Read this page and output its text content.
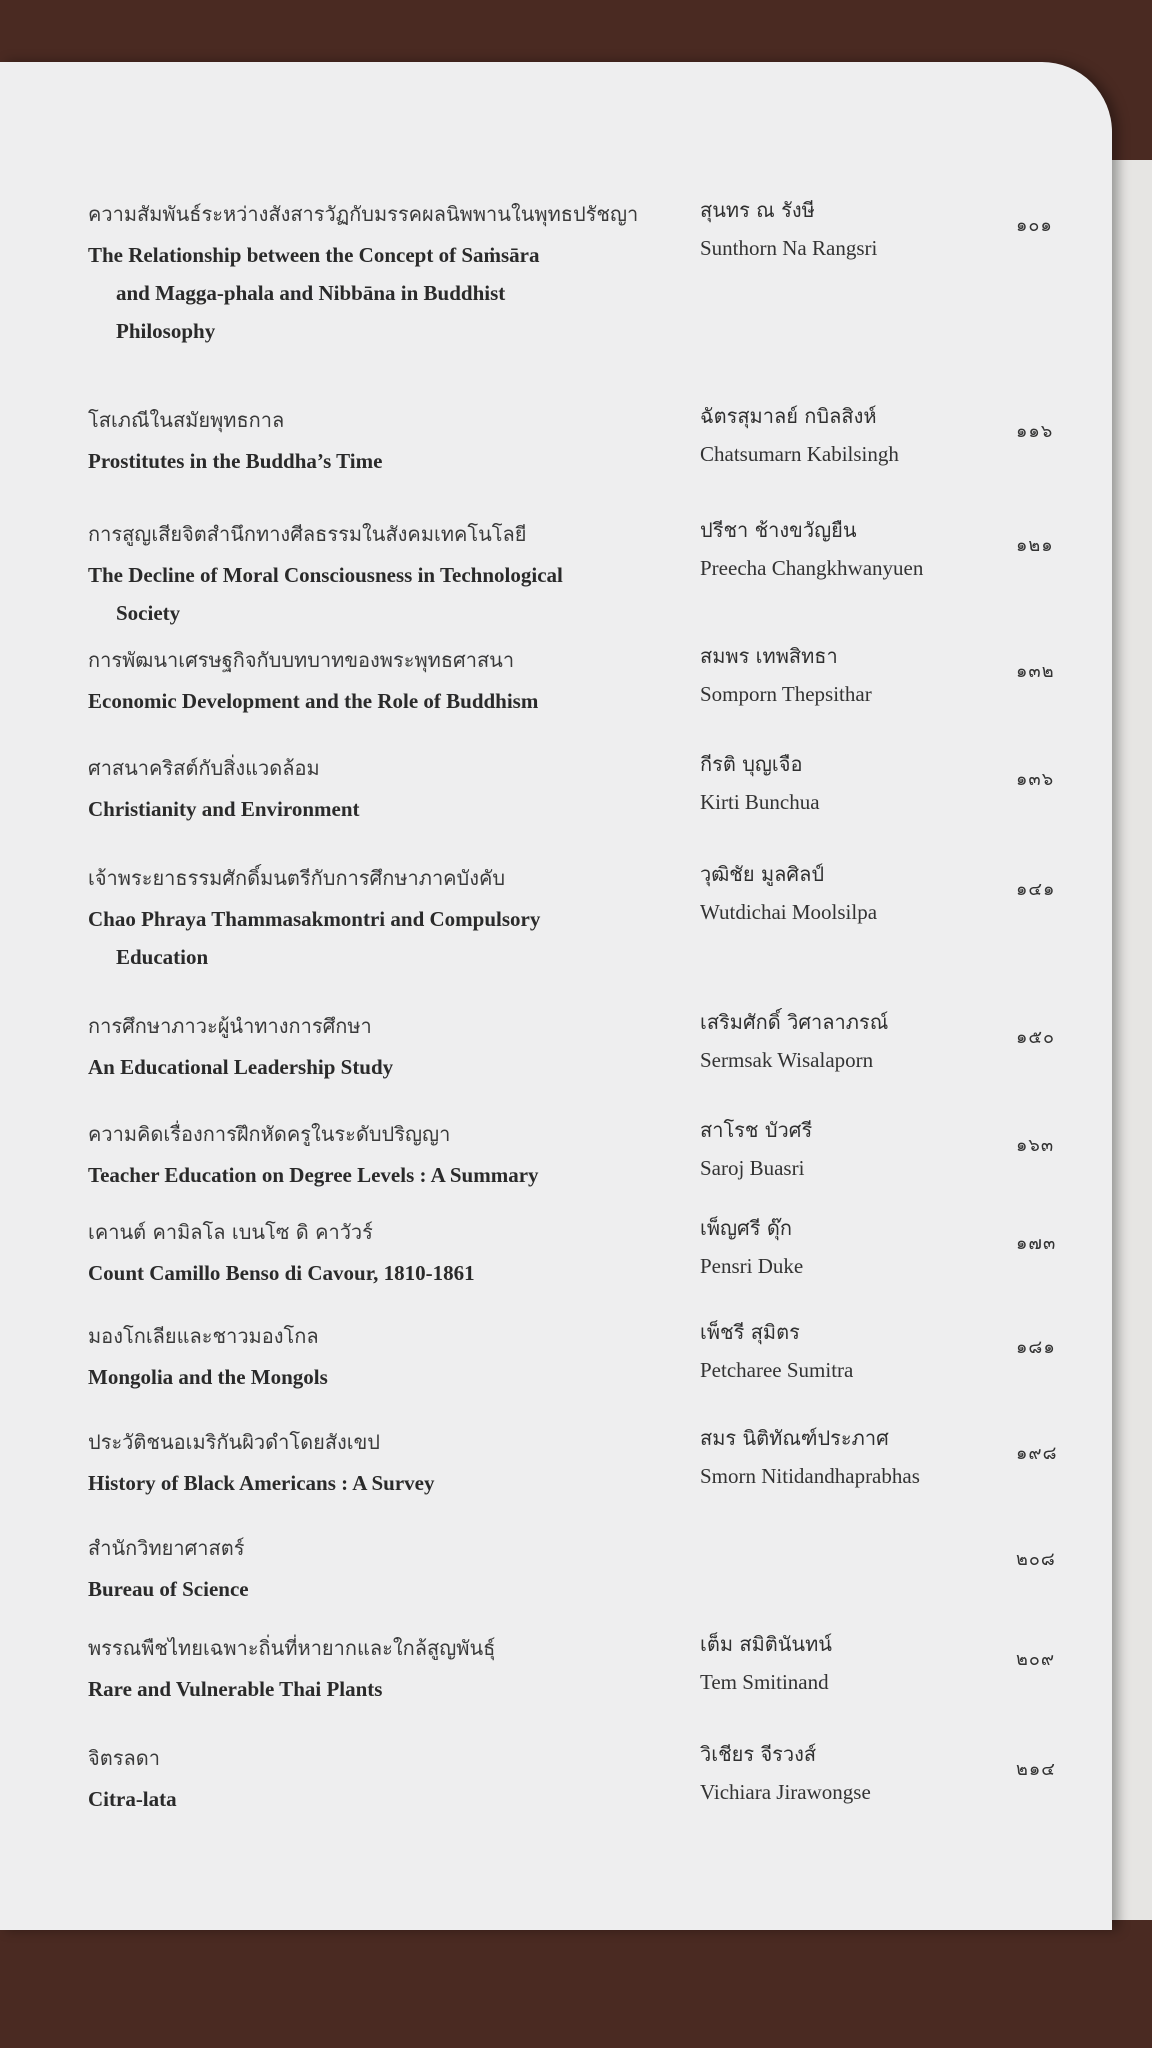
ความสัมพันธ์ระหว่างสังสารวัฏกับมรรคผลนิพพานในพุทธปรัชญา
The Relationship between the Concept of Saṁsāra
and Magga-phala and Nibbāna in Buddhist
Philosophy
สุนทร ณ รังษี
Sunthorn Na Rangsri
๑๐๑
โสเภณีในสมัยพุทธกาล
Prostitutes in the Buddha’s Time
ฉัตรสุมาลย์ กบิลสิงห์
Chatsumarn Kabilsingh
๑๑๖
การสูญเสียจิตสำนึกทางศีลธรรมในสังคมเทคโนโลยี
The Decline of Moral Consciousness in Technological
Society
ปรีชา ช้างขวัญยืน
Preecha Changkhwanyuen
๑๒๑
การพัฒนาเศรษฐกิจกับบทบาทของพระพุทธศาสนา
Economic Development and the Role of Buddhism
สมพร เทพสิทธา
Somporn Thepsithar
๑๓๒
ศาสนาคริสต์กับสิ่งแวดล้อม
Christianity and Environment
กีรติ บุญเจือ
Kirti Bunchua
๑๓๖
เจ้าพระยาธรรมศักดิ์มนตรีกับการศึกษาภาคบังคับ
Chao Phraya Thammasakmontri and Compulsory
Education
วุฒิชัย มูลศิลป์
Wutdichai Moolsilpa
๑๔๑
การศึกษาภาวะผู้นำทางการศึกษา
An Educational Leadership Study
เสริมศักดิ์ วิศาลาภรณ์
Sermsak Wisalaporn
๑๕๐
ความคิดเรื่องการฝึกหัดครูในระดับปริญญา
Teacher Education on Degree Levels : A Summary
สาโรช บัวศรี
Saroj Buasri
๑๖๓
เคานต์ คามิลโล เบนโซ ดิ คาวัวร์
Count Camillo Benso di Cavour, 1810-1861
เพ็ญศรี ดุ๊ก
Pensri Duke
๑๗๓
มองโกเลียและชาวมองโกล
Mongolia and the Mongols
เพ็ชรี สุมิตร
Petcharee Sumitra
๑๘๑
ประวัติชนอเมริกันผิวดำโดยสังเขป
History of Black Americans : A Survey
สมร นิติทัณฑ์ประภาศ
Smorn Nitidandhaprabhas
๑๙๘
สำนักวิทยาศาสตร์
Bureau of Science
๒๐๘
พรรณพืชไทยเฉพาะถิ่นที่หายากและใกล้สูญพันธุ์
Rare and Vulnerable Thai Plants
เต็ม สมิตินันทน์
Tem Smitinand
๒๐๙
จิตรลดา
Citra-lata
วิเชียร จีรวงส์
Vichiara Jirawongse
๒๑๔
